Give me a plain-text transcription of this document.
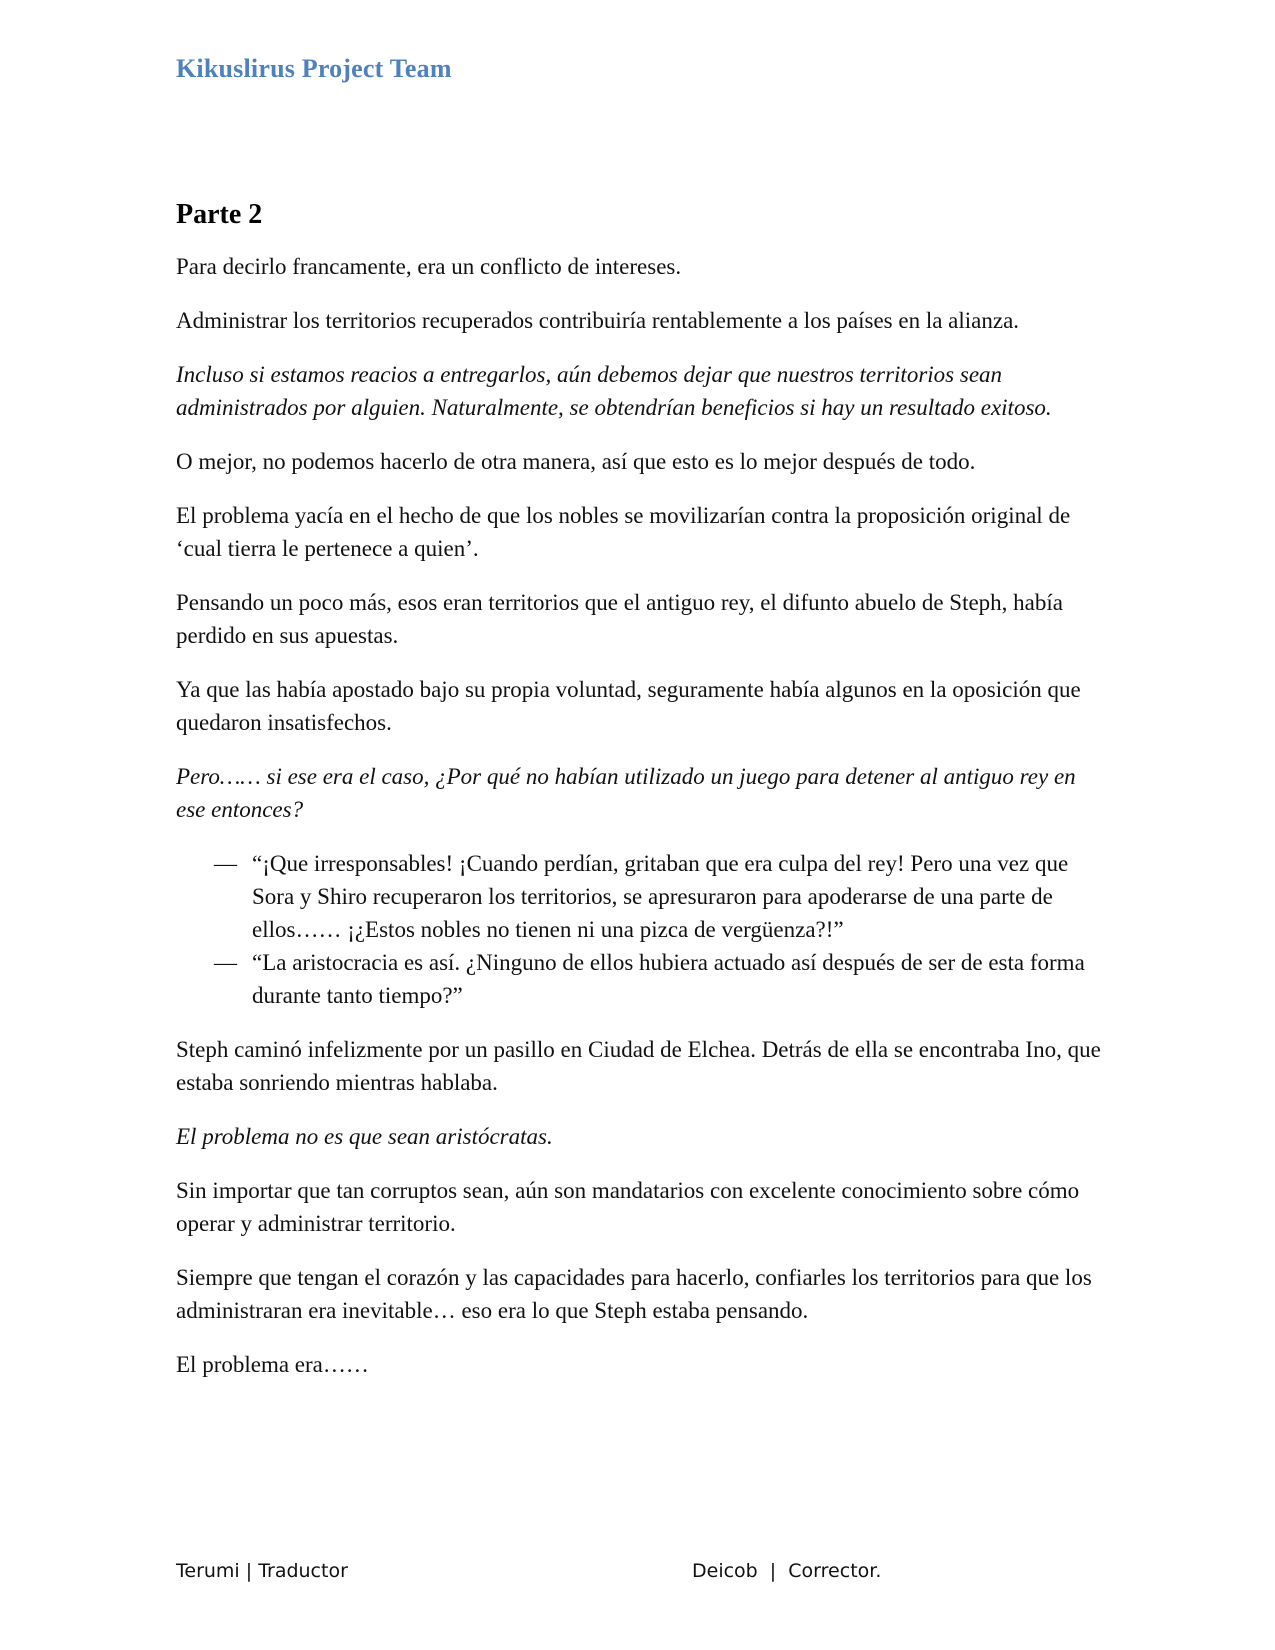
Kikuslirus Project Team
Parte 2

Para decirlo francamente, era un conflicto de intereses.

Administrar los territorios recuperados contribuiría rentablemente a los países en la alianza.

Incluso si estamos reacios a entregarlos, aún debemos dejar que nuestros territorios sean administrados por alguien. Naturalmente, se obtendrían beneficios si hay un resultado exitoso.

O mejor, no podemos hacerlo de otra manera, así que esto es lo mejor después de todo.

El problema yacía en el hecho de que los nobles se movilizarían contra la proposición original de ‘cual tierra le pertenece a quien’.

Pensando un poco más, esos eran territorios que el antiguo rey, el difunto abuelo de Steph, había perdido en sus apuestas.

Ya que las había apostado bajo su propia voluntad, seguramente había algunos en la oposición que quedaron insatisfechos.

Pero…… si ese era el caso, ¿Por qué no habían utilizado un juego para detener al antiguo rey en ese entonces?

— “¡Que irresponsables! ¡Cuando perdían, gritaban que era culpa del rey! Pero una vez que Sora y Shiro recuperaron los territorios, se apresuraron para apoderarse de una parte de ellos…… ¡¿Estos nobles no tienen ni una pizca de vergüenza?!”
— “La aristocracia es así. ¿Ninguno de ellos hubiera actuado así después de ser de esta forma durante tanto tiempo?”

Steph caminó infelizmente por un pasillo en Ciudad de Elchea. Detrás de ella se encontraba Ino, que estaba sonriendo mientras hablaba.

El problema no es que sean aristócratas.

Sin importar que tan corruptos sean, aún son mandatarios con excelente conocimiento sobre cómo operar y administrar territorio.

Siempre que tengan el corazón y las capacidades para hacerlo, confiarles los territorios para que los administraran era inevitable… eso era lo que Steph estaba pensando.

El problema era……

Terumi | Traductor	Deicob  |  Corrector.
